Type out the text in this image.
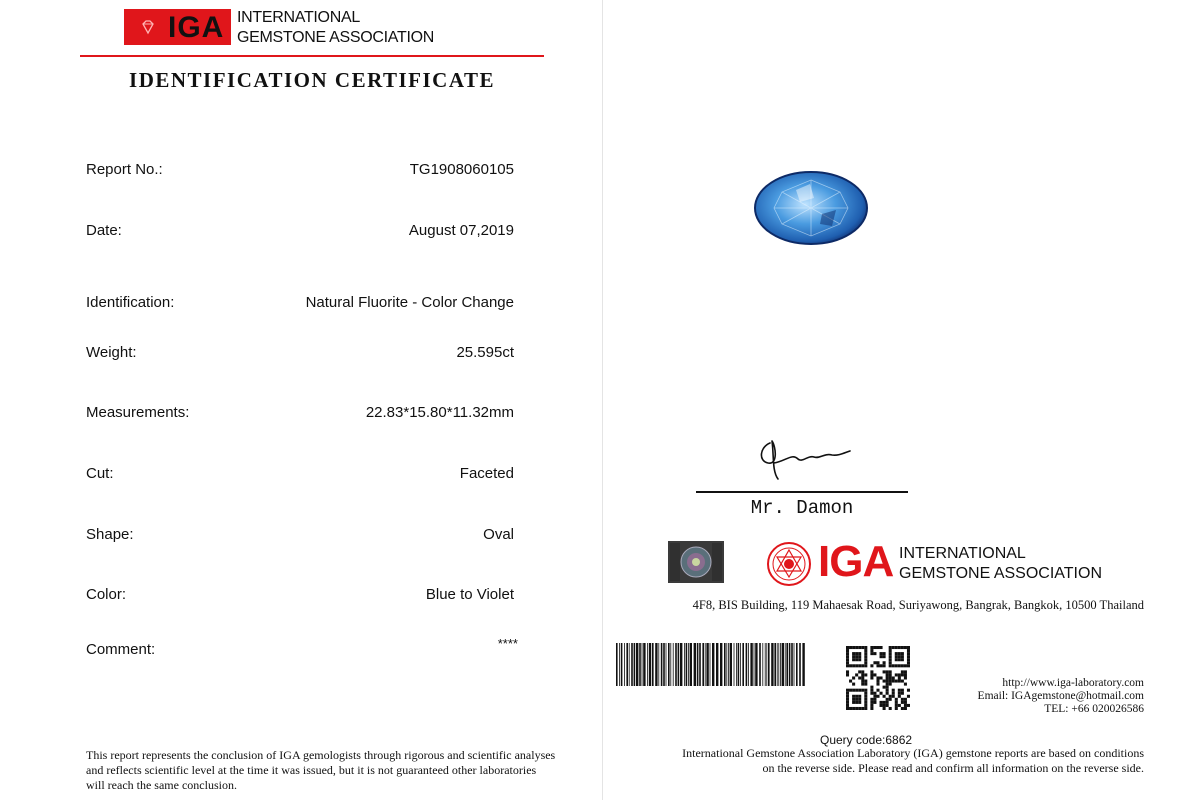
IGA INTERNATIONAL
GEMSTONE ASSOCIATION
IDENTIFICATION CERTIFICATE
Report No.:	TG1908060105
Date:	August 07,2019
Identification:	Natural Fluorite - Color Change
Weight:	25.595ct
Measurements:	22.83*15.80*11.32mm
Cut:	Faceted
Shape:	Oval
Color:	Blue to Violet
Comment:	****
This report represents the conclusion of IGA gemologists through rigorous and scientific analyses and reflects scientific level at the time it was issued, but it is not guaranteed other laboratories will reach the same conclusion.
Mr. Damon
IGA INTERNATIONAL
GEMSTONE ASSOCIATION
4F8, BIS Building, 119 Mahaesak Road, Suriyawong, Bangrak, Bangkok, 10500 Thailand
http://www.iga-laboratory.com
Email: IGAgemstone@hotmail.com
TEL: +66 020026586
Query code:6862
International Gemstone Association Laboratory (IGA) gemstone reports are based on conditions on the reverse side. Please read and confirm all information on the reverse side.
